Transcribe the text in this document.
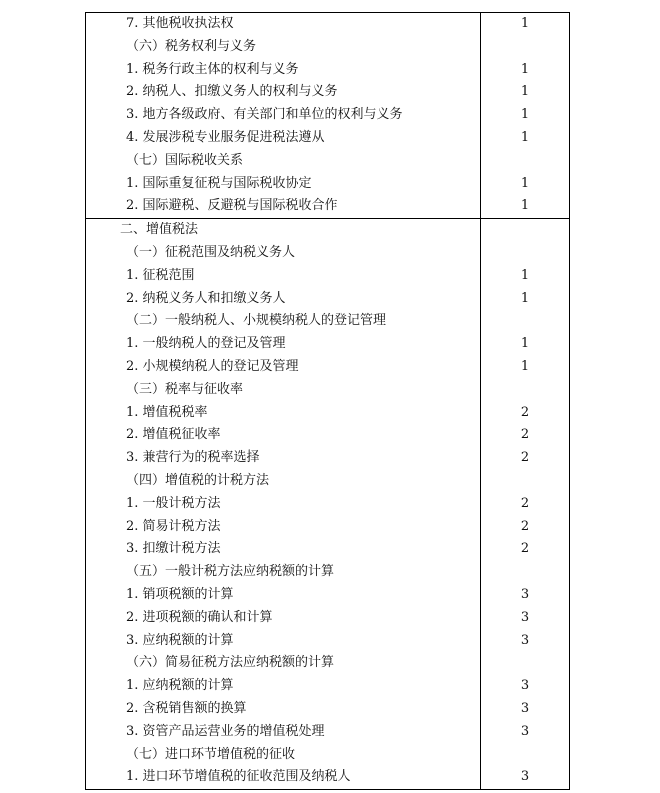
7. 其他税收执法权
（六）税务权利与义务
1. 税务行政主体的权利与义务
2. 纳税人、扣缴义务人的权利与义务
3. 地方各级政府、有关部门和单位的权利与义务
4. 发展涉税专业服务促进税法遵从
（七）国际税收关系
1. 国际重复征税与国际税收协定
2. 国际避税、反避税与国际税收合作
1
1
1
1
1
1
1
二、增值税法
（一）征税范围及纳税义务人
1. 征税范围
2. 纳税义务人和扣缴义务人
（二）一般纳税人、小规模纳税人的登记管理
1. 一般纳税人的登记及管理
2. 小规模纳税人的登记及管理
（三）税率与征收率
1. 增值税税率
2. 增值税征收率
3. 兼营行为的税率选择
（四）增值税的计税方法
1. 一般计税方法
2. 简易计税方法
3. 扣缴计税方法
（五）一般计税方法应纳税额的计算
1. 销项税额的计算
2. 进项税额的确认和计算
3. 应纳税额的计算
（六）简易征税方法应纳税额的计算
1. 应纳税额的计算
2. 含税销售额的换算
3. 资管产品运营业务的增值税处理
（七）进口环节增值税的征收
1. 进口环节增值税的征收范围及纳税人
1
1
1
1
2
2
2
2
2
2
3
3
3
3
3
3
3
